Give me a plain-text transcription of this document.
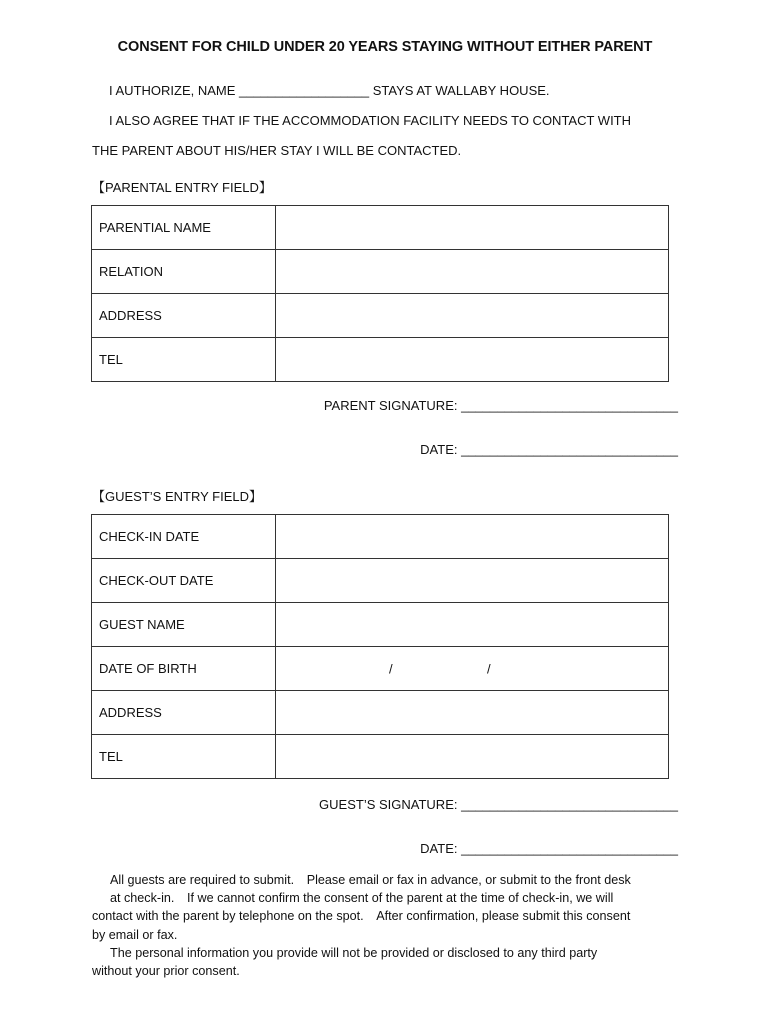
CONSENT FOR CHILD UNDER 20 YEARS STAYING WITHOUT EITHER PARENT
I AUTHORIZE, NAME __________________ STAYS AT WALLABY HOUSE.
I ALSO AGREE THAT IF THE ACCOMMODATION FACILITY NEEDS TO CONTACT WITH
THE PARENT ABOUT HIS/HER STAY I WILL BE CONTACTED.
【PARENTAL ENTRY FIELD】
PARENTIAL NAME	
RELATION	
ADDRESS	
TEL	
PARENT SIGNATURE: ______________________________
DATE: ______________________________
【GUEST’S ENTRY FIELD】
CHECK-IN DATE	
CHECK-OUT DATE	
GUEST NAME	
DATE OF BIRTH	/ /

ADDRESS	
TEL	
GUEST’S SIGNATURE: ______________________________
DATE: ______________________________

All guests are required to submit.　Please email or fax in advance, or submit to the front desk

at check-in.　If we cannot confirm the consent of the parent at the time of check-in, we will

contact with the parent by telephone on the spot.　After confirmation, please submit this consent

by email or fax.

The personal information you provide will not be provided or disclosed to any third party

without your prior consent.
